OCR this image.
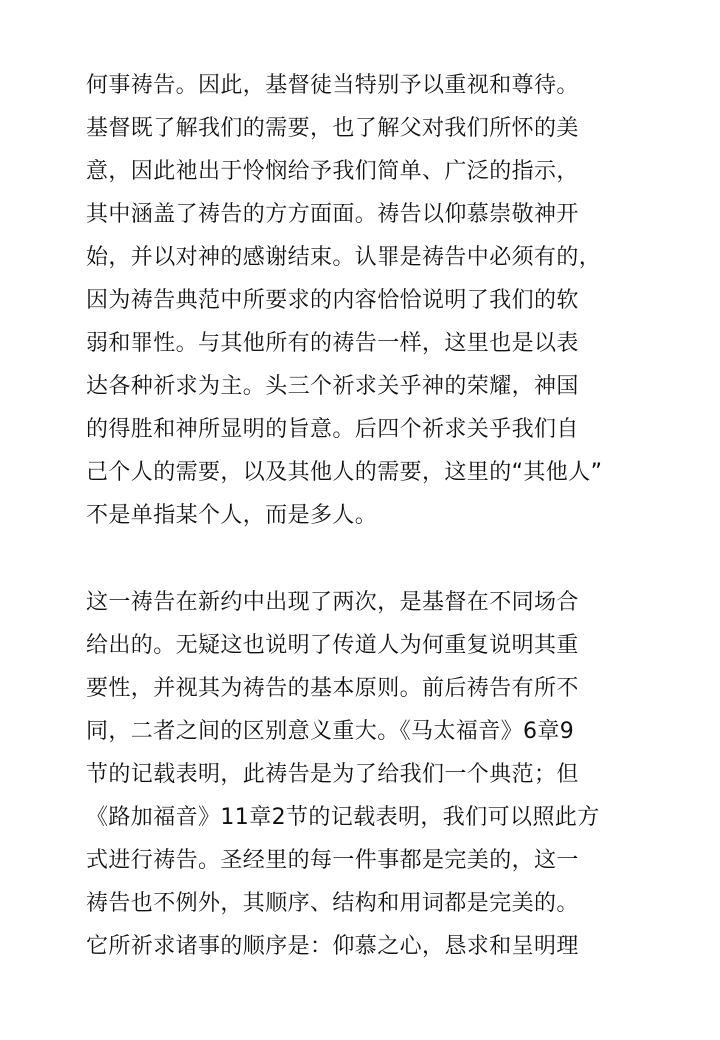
何事祷告。因此，基督徒当特别予以重视和尊待。
基督既了解我们的需要，也了解父对我们所怀的美
意，因此祂出于怜悯给予我们简单、广泛的指示，
其中涵盖了祷告的方方面面。祷告以仰慕崇敬神开
始，并以对神的感谢结束。认罪是祷告中必须有的，
因为祷告典范中所要求的内容恰恰说明了我们的软
弱和罪性。与其他所有的祷告一样，这里也是以表
达各种祈求为主。头三个祈求关乎神的荣耀，神国
的得胜和神所显明的旨意。后四个祈求关乎我们自
己个人的需要，以及其他人的需要，这里的“其他人”
不是单指某个人，而是多人。

这一祷告在新约中出现了两次，是基督在不同场合
给出的。无疑这也说明了传道人为何重复说明其重
要性，并视其为祷告的基本原则。前后祷告有所不
同，二者之间的区别意义重大。《马太福音》6章9
节的记载表明，此祷告是为了给我们一个典范；但
《路加福音》11章2节的记载表明，我们可以照此方
式进行祷告。圣经里的每一件事都是完美的，这一
祷告也不例外，其顺序、结构和用词都是完美的。
它所祈求诸事的顺序是：仰慕之心，恳求和呈明理
